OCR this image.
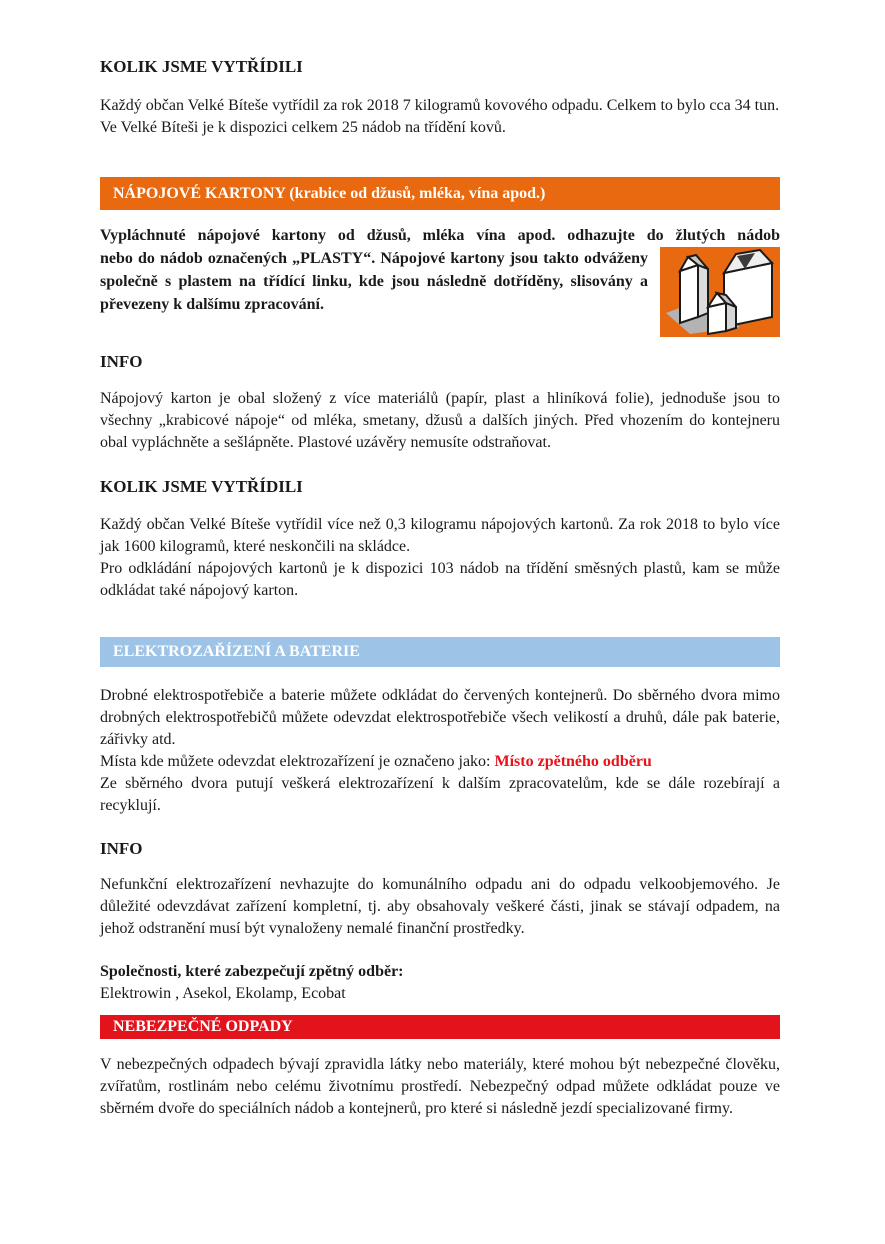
KOLIK JSME VYTŘÍDILI

Každý občan Velké Bíteše vytřídil za rok 2018 7 kilogramů kovového odpadu. Celkem to bylo cca 34 tun.

Ve Velké Bíteši je k dispozici celkem 25 nádob na třídění kovů.

NÁPOJOVÉ KARTONY (krabice od džusů, mléka, vína apod.)
Vypláchnuté nápojové kartony od džusů, mléka vína apod. odhazujte do žlutých nádob
nebo do nádob označených „PLASTY“. Nápojové kartony jsou takto odváženy společně s plastem na třídící linku, kde jsou následně dotříděny, slisovány a převezeny k dalšímu zpracování.
INFO

Nápojový karton je obal složený z více materiálů (papír, plast a hliníková folie), jednoduše jsou to všechny „krabicové nápoje“ od mléka, smetany, džusů a dalších jiných. Před vhozením do kontejneru obal vypláchněte a sešlápněte. Plastové uzávěry nemusíte odstraňovat.

KOLIK JSME VYTŘÍDILI

Každý občan Velké Bíteše vytřídil více než 0,3 kilogramu nápojových kartonů. Za rok 2018 to bylo více jak 1600 kilogramů, které neskončili na skládce.

Pro odkládání nápojových kartonů je k dispozici 103 nádob na třídění směsných plastů, kam se může odkládat také nápojový karton.

ELEKTROZAŘÍZENÍ A BATERIE

Drobné elektrospotřebiče a baterie můžete odkládat do červených kontejnerů. Do sběrného dvora mimo drobných elektrospotřebičů můžete odevzdat elektrospotřebiče všech velikostí a druhů, dále pak baterie, zářivky atd.

Místa kde můžete odevzdat elektrozařízení je označeno jako: Místo zpětného odběru

Ze sběrného dvora putují veškerá elektrozařízení k dalším zpracovatelům, kde se dále rozebírají a recyklují.

INFO

Nefunkční elektrozařízení nevhazujte do komunálního odpadu ani do odpadu velkoobjemového. Je důležité odevzdávat zařízení kompletní, tj. aby obsahovaly veškeré části, jinak se stávají odpadem, na jehož odstranění musí být vynaloženy nemalé finanční prostředky.

Společnosti, které zabezpečují zpětný odběr:

Elektrowin , Asekol, Ekolamp, Ecobat

NEBEZPEČNÉ ODPADY

V nebezpečných odpadech bývají zpravidla látky nebo materiály, které mohou být nebezpečné člověku, zvířatům, rostlinám nebo celému životnímu prostředí. Nebezpečný odpad můžete odkládat pouze ve sběrném dvoře do speciálních nádob a kontejnerů, pro které si následně jezdí specializované firmy.
